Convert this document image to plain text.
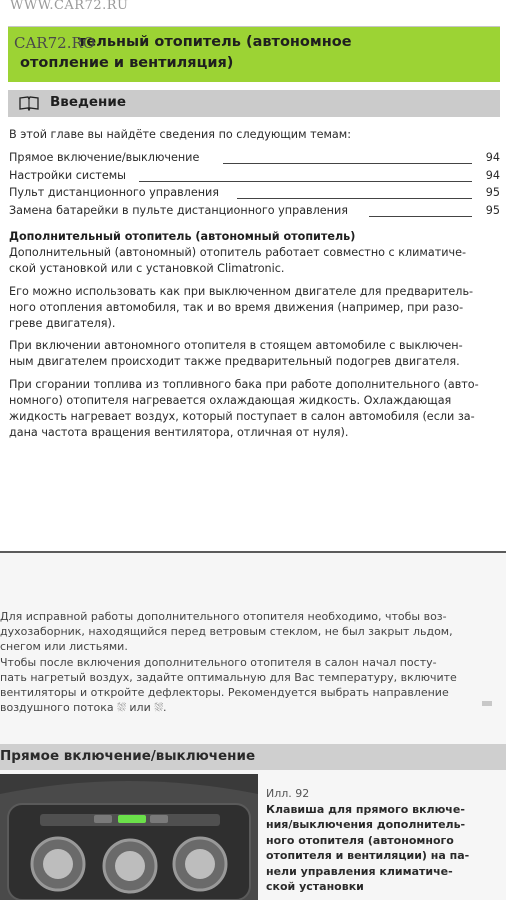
WWW.CAR72.RU
тельный отопитель (автономное
отопление и вентиляция)
CAR72.RO
Введение
В этой главе вы найдёте сведения по следующим темам:
Прямое включение/выключение	94
Настройки системы	94
Пульт дистанционного управления	95
Замена батарейки в пульте дистанционного управления	95
Дополнительный отопитель (автономный отопитель)

Дополнительный (автономный) отопитель работает совместно с климатиче-
ской установкой или с установкой Climatronic.

Его можно использовать как при выключенном двигателе для предваритель-
ного отопления автомобиля, так и во время движения (например, при разо-
греве двигателя).

При включении автономного отопителя в стоящем автомобиле с выключен-
ным двигателем происходит также предварительный подогрев двигателя.

При сгорании топлива из топливного бака при работе дополнительного (авто-
номного) отопителя нагревается охлаждающая жидкость. Охлаждающая
жидкость нагревает воздух, который поступает в салон автомобиля (если за-
дана частота вращения вентилятора, отличная от нуля).

Для исправной работы дополнительного отопителя необходимо, чтобы воз-

духозаборник, находящийся перед ветровым стеклом, не был закрыт льдом,

снегом или листьями.

Чтобы после включения дополнительного отопителя в салон начал посту-

пать нагретый воздух, задайте оптимальную для Вас температуру, включите

вентиляторы и откройте дефлекторы. Рекомендуется выбрать направление

воздушного потока ⛆ или ⛆.

Прямое включение/выключение
Илл. 92
Клавиша для прямого включе-
ния/выключения дополнитель-
ного отопителя (автономного
отопителя и вентиляции) на па-
нели управления климатиче-
ской установки
